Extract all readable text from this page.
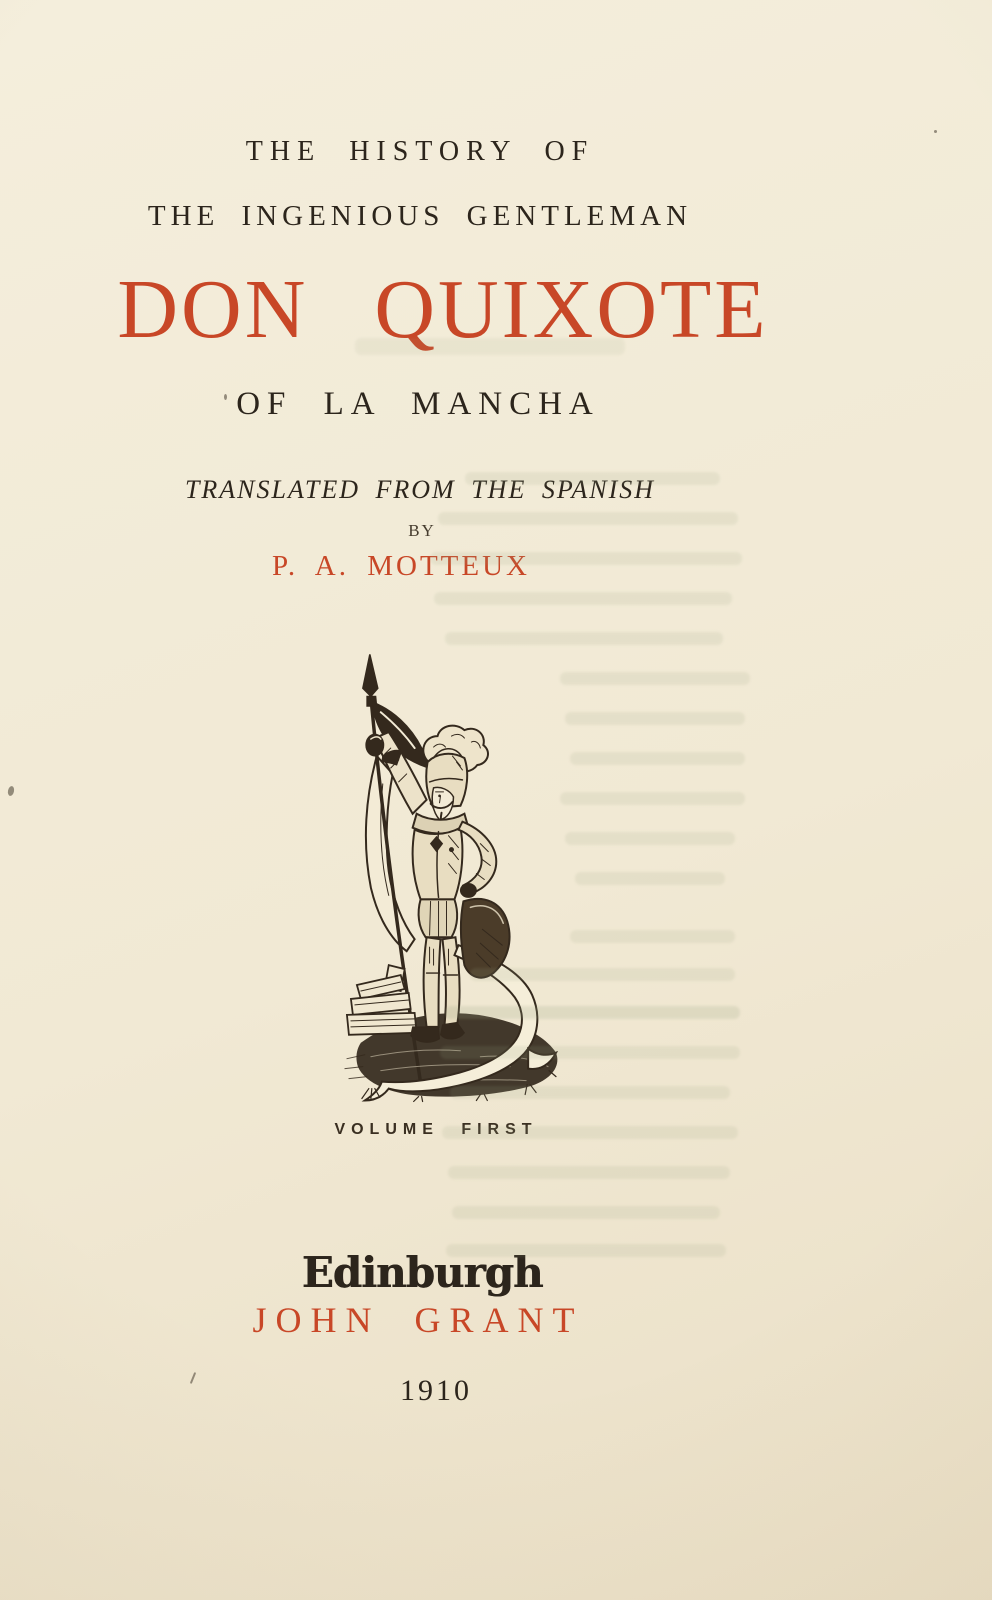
THE HISTORY OF
THE INGENIOUS GENTLEMAN
DON QUIXOTE
OF LA MANCHA
TRANSLATED FROM THE SPANISH
BY
P. A. MOTTEUX
VOLUME FIRST
Edinburgh
JOHN GRANT
1910
